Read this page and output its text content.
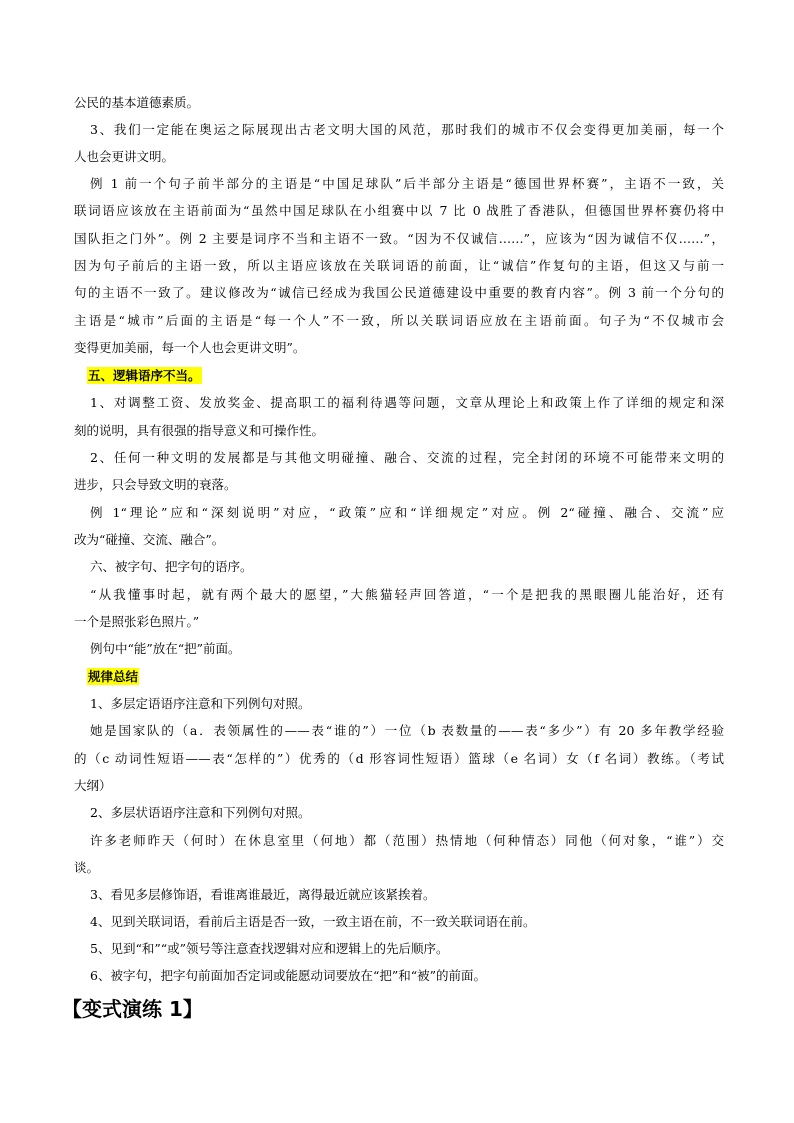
公民的基本道德素质。
3、我们一定能在奥运之际展现出古老文明大国的风范，那时我们的城市不仅会变得更加美丽，每一个
人也会更讲文明。
例 1 前一个句子前半部分的主语是“中国足球队”后半部分主语是“德国世界杯赛”，主语不一致，关
联词语应该放在主语前面为“虽然中国足球队在小组赛中以 7 比 0 战胜了香港队，但德国世界杯赛仍将中
国队拒之门外”。例 2 主要是词序不当和主语不一致。“因为不仅诚信……”，应该为“因为诚信不仅……”，
因为句子前后的主语一致，所以主语应该放在关联词语的前面，让“诚信”作复句的主语，但这又与前一
句的主语不一致了。建议修改为“诚信已经成为我国公民道德建设中重要的教育内容”。例 3 前一个分句的
主语是“城市”后面的主语是“每一个人”不一致，所以关联词语应放在主语前面。句子为“不仅城市会
变得更加美丽，每一个人也会更讲文明”。
五、逻辑语序不当。
1、对调整工资、发放奖金、提高职工的福利待遇等问题，文章从理论上和政策上作了详细的规定和深
刻的说明，具有很强的指导意义和可操作性。
2、任何一种文明的发展都是与其他文明碰撞、融合、交流的过程，完全封闭的环境不可能带来文明的
进步，只会导致文明的衰落。
例 1“理论”应和“深刻说明”对应，“政策”应和“详细规定”对应。例 2“碰撞、融合、交流”应
改为“碰撞、交流、融合”。
六、被字句、把字句的语序。
“从我懂事时起，就有两个最大的愿望，”大熊猫轻声回答道，“一个是把我的黑眼圈儿能治好，还有
一个是照张彩色照片。”
例句中“能”放在“把”前面。
规律总结
1、多层定语语序注意和下列例句对照。
她是国家队的（a．表领属性的——表“谁的”）一位（b 表数量的——表“多少”）有 20 多年教学经验
的（c 动词性短语——表“怎样的”）优秀的（d 形容词性短语）篮球（e 名词）女（f 名词）教练。（考试
大纲）
2、多层状语语序注意和下列例句对照。
许多老师昨天（何时）在休息室里（何地）都（范围）热情地（何种情态）同他（何对象，“谁”）交
谈。
3、看见多层修饰语，看谁离谁最近，离得最近就应该紧挨着。
4、见到关联词语，看前后主语是否一致，一致主语在前，不一致关联词语在前。
5、见到“和”“或”领号等注意查找逻辑对应和逻辑上的先后顺序。
6、被字句，把字句前面加否定词或能愿动词要放在“把”和“被”的前面。
【变式演练 1】
